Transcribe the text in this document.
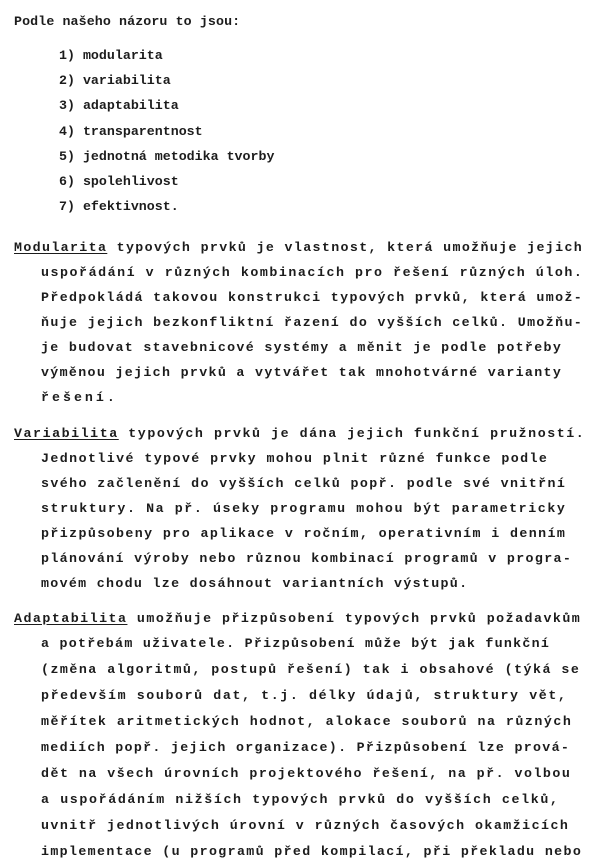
Podle našeho názoru to jsou:
1) modularita
2) variabilita
3) adaptabilita
4) transparentnost
5) jednotná metodika tvorby
6) spolehlivost
7) efektivnost.
Modularita typových prvků je vlastnost, která umožňuje jejich
uspořádání v různých kombinacích pro řešení různých úloh.
Předpokládá takovou konstrukci typových prvků, která umož-
ňuje jejich bezkonfliktní řazení do vyšších celků. Umožňu-
je budovat stavebnicové systémy a měnit je podle potřeby
výměnou jejich prvků a vytvářet tak mnohotvárné varianty
řešení.
Variabilita typových prvků je dána jejich funkční pružností.
Jednotlivé typové prvky mohou plnit různé funkce podle
svého začlenění do vyšších celků popř. podle své vnitřní
struktury. Na př. úseky programu mohou být parametricky
přizpůsobeny pro aplikace v ročním, operativním i denním
plánování výroby nebo různou kombinací programů v progra-
movém chodu lze dosáhnout variantních výstupů.
Adaptabilita umožňuje přizpůsobení typových prvků požadavkům
a potřebám uživatele. Přizpůsobení může být jak funkční
(změna algoritmů, postupů řešení) tak i obsahové (týká se
především souborů dat, t.j. délky údajů, struktury vět,
měřítek aritmetických hodnot, alokace souborů na různých
mediích popř. jejich organizace). Přizpůsobení lze prová-
dět na všech úrovních projektového řešení, na př. volbou
a uspořádáním nižších typových prvků do vyšších celků,
uvnitř jednotlivých úrovní v různých časových okamžicích
implementace (u programů před kompilací, při překladu nebo
